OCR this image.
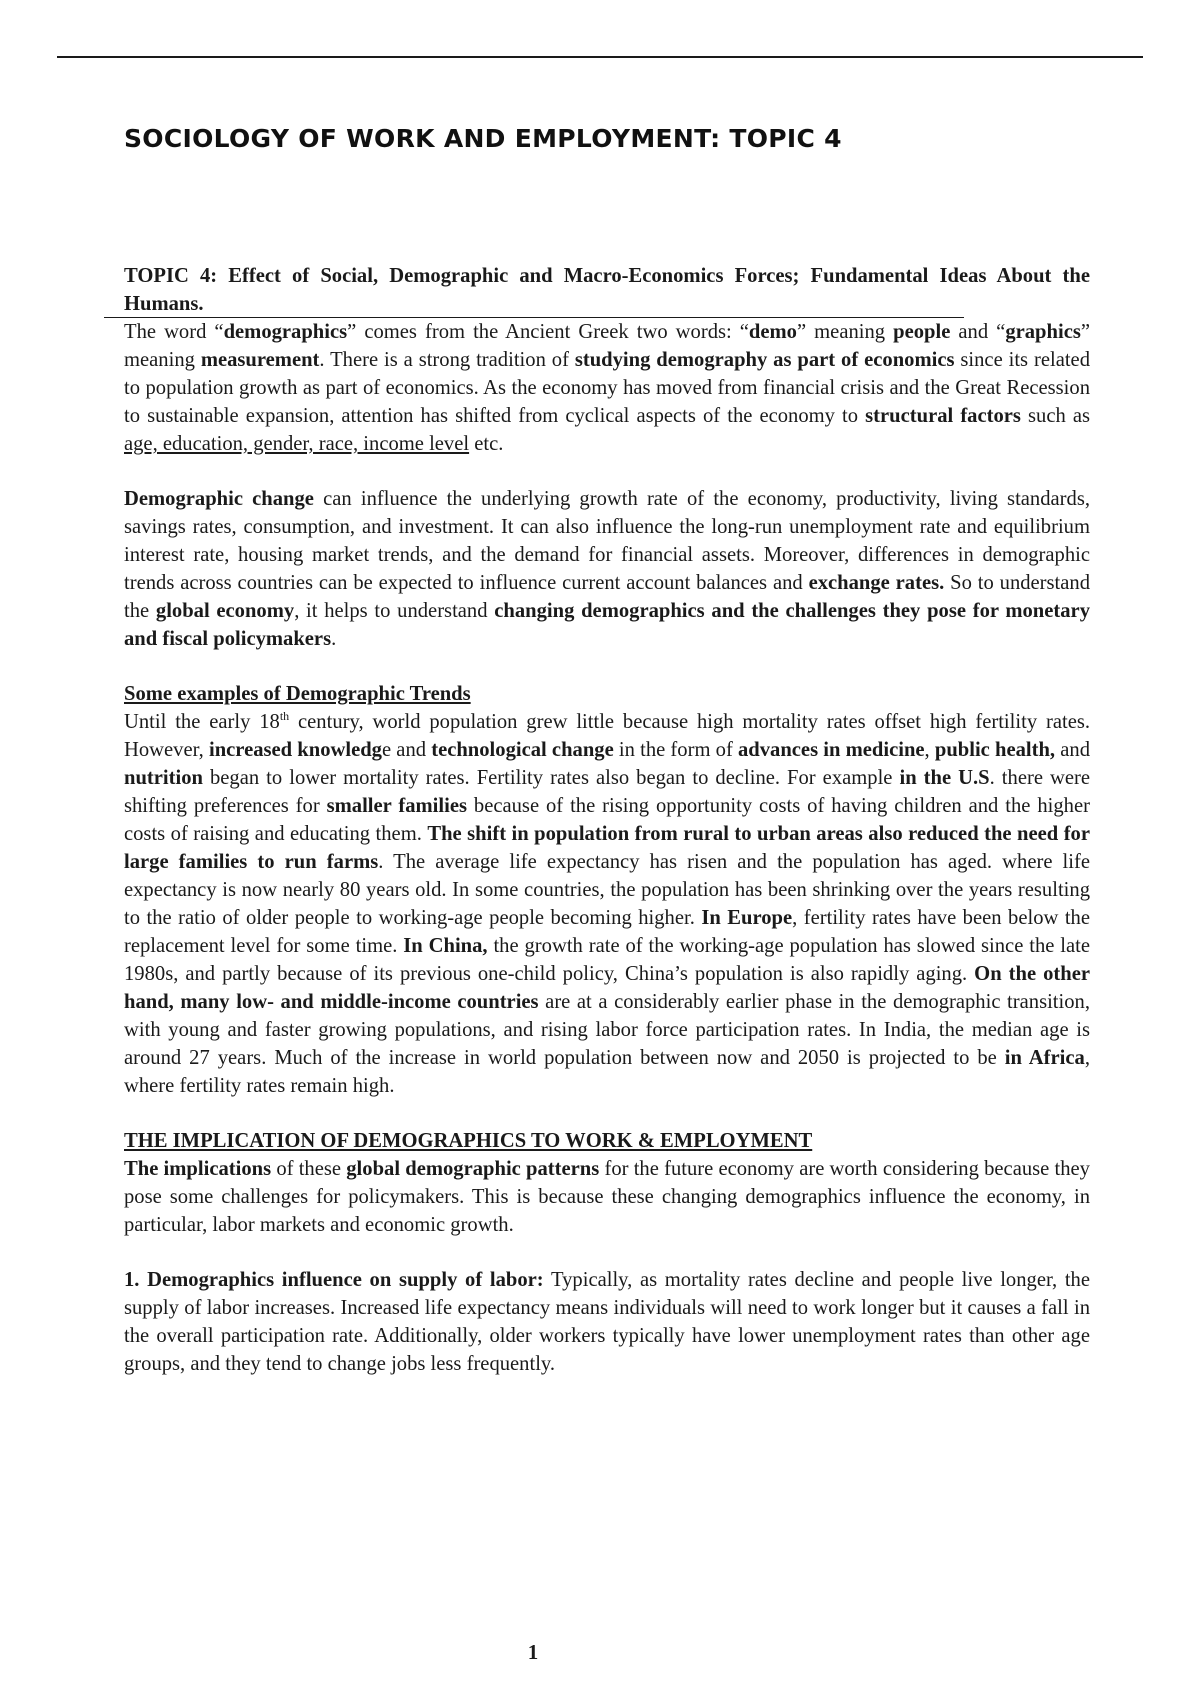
SOCIOLOGY OF WORK AND EMPLOYMENT: TOPIC 4

TOPIC 4: Effect of Social, Demographic and Macro-Economics Forces; Fundamental Ideas About the Humans.

The word “demographics” comes from the Ancient Greek two words: “demo” meaning people and “graphics” meaning measurement. There is a strong tradition of studying demography as part of economics since its related to population growth as part of economics. As the economy has moved from financial crisis and the Great Recession to sustainable expansion, attention has shifted from cyclical aspects of the economy to structural factors such as age, education, gender, race, income level etc.

Demographic change can influence the underlying growth rate of the economy, productivity, living standards, savings rates, consumption, and investment. It can also influence the long-run unemployment rate and equilibrium interest rate, housing market trends, and the demand for financial assets. Moreover, differences in demographic trends across countries can be expected to influence current account balances and exchange rates. So to understand the global economy, it helps to understand changing demographics and the challenges they pose for monetary and fiscal policymakers.

Some examples of Demographic Trends

Until the early 18th century, world population grew little because high mortality rates offset high fertility rates. However, increased knowledge and technological change in the form of advances in medicine, public health, and nutrition began to lower mortality rates. Fertility rates also began to decline. For example in the U.S. there were shifting preferences for smaller families because of the rising opportunity costs of having children and the higher costs of raising and educating them. The shift in population from rural to urban areas also reduced the need for large families to run farms. The average life expectancy has risen and the population has aged. where life expectancy is now nearly 80 years old. In some countries, the population has been shrinking over the years resulting to the ratio of older people to working-age people becoming higher. In Europe, fertility rates have been below the replacement level for some time. In China, the growth rate of the working-age population has slowed since the late 1980s, and partly because of its previous one-child policy, China’s population is also rapidly aging. On the other hand, many low- and middle-income countries are at a considerably earlier phase in the demographic transition, with young and faster growing populations, and rising labor force participation rates. In India, the median age is around 27 years. Much of the increase in world population between now and 2050 is projected to be in Africa, where fertility rates remain high.

THE IMPLICATION OF DEMOGRAPHICS TO WORK & EMPLOYMENT

The implications of these global demographic patterns for the future economy are worth considering because they pose some challenges for policymakers. This is because these changing demographics influence the economy, in particular, labor markets and economic growth.

1. Demographics influence on supply of labor: Typically, as mortality rates decline and people live longer, the supply of labor increases. Increased life expectancy means individuals will need to work longer but it causes a fall in the overall participation rate. Additionally, older workers typically have lower unemployment rates than other age groups, and they tend to change jobs less frequently.

1
